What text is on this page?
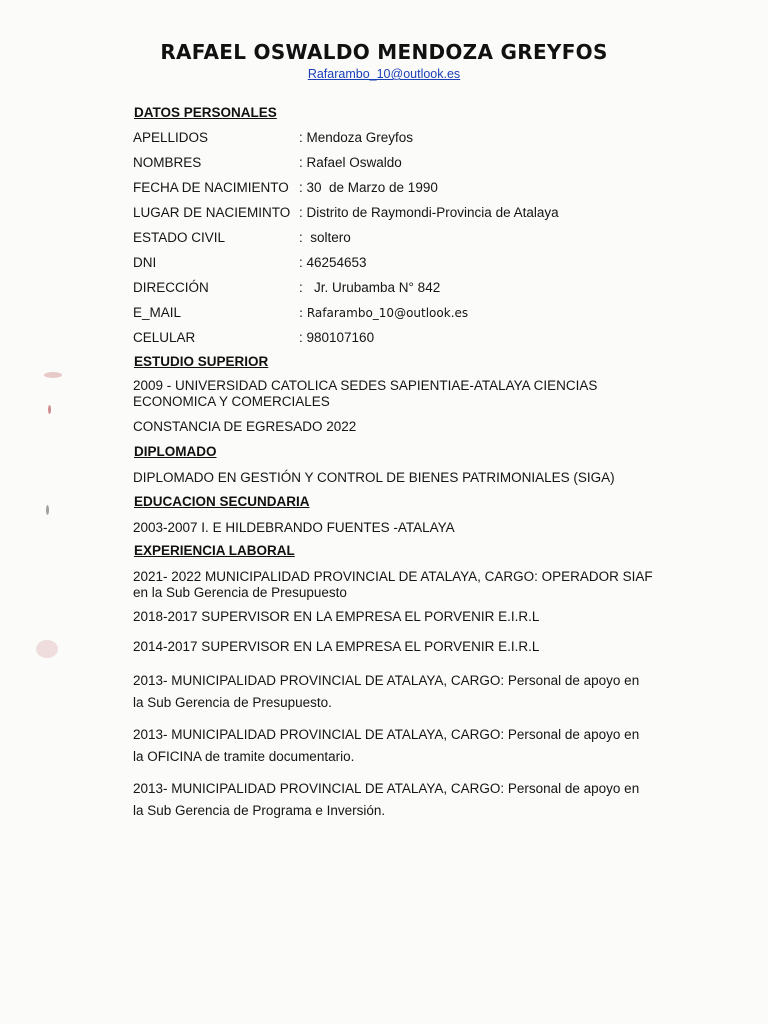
RAFAEL OSWALDO MENDOZA GREYFOS
Rafarambo_10@outlook.es
DATOS PERSONALES
APELLIDOS	: Mendoza Greyfos
NOMBRES	: Rafael Oswaldo
FECHA DE NACIMIENTO : 30  de Marzo de 1990
LUGAR DE NACIEMINTO : Distrito de Raymondi-Provincia de Atalaya
ESTADO CIVIL	:  soltero
DNI	: 46254653
DIRECCIÓN	:   Jr. Urubamba N° 842
E_MAIL	: Rafarambo_10@outlook.es
CELULAR	: 980107160
ESTUDIO SUPERIOR
2009 - UNIVERSIDAD CATOLICA SEDES SAPIENTIAE-ATALAYA CIENCIAS ECONOMICA Y COMERCIALES
CONSTANCIA DE EGRESADO 2022
DIPLOMADO
DIPLOMADO EN GESTIÓN Y CONTROL DE BIENES PATRIMONIALES (SIGA)
EDUCACION SECUNDARIA
2003-2007 I. E HILDEBRANDO FUENTES -ATALAYA
EXPERIENCIA LABORAL
2021- 2022 MUNICIPALIDAD PROVINCIAL DE ATALAYA, CARGO: OPERADOR SIAF en la Sub Gerencia de Presupuesto
2018-2017 SUPERVISOR EN LA EMPRESA EL PORVENIR E.I.R.L
2014-2017 SUPERVISOR EN LA EMPRESA EL PORVENIR E.I.R.L
2013- MUNICIPALIDAD PROVINCIAL DE ATALAYA, CARGO: Personal de apoyo en la Sub Gerencia de Presupuesto.
2013- MUNICIPALIDAD PROVINCIAL DE ATALAYA, CARGO: Personal de apoyo en la OFICINA de tramite documentario.
2013- MUNICIPALIDAD PROVINCIAL DE ATALAYA, CARGO: Personal de apoyo en la Sub Gerencia de Programa e Inversión.
